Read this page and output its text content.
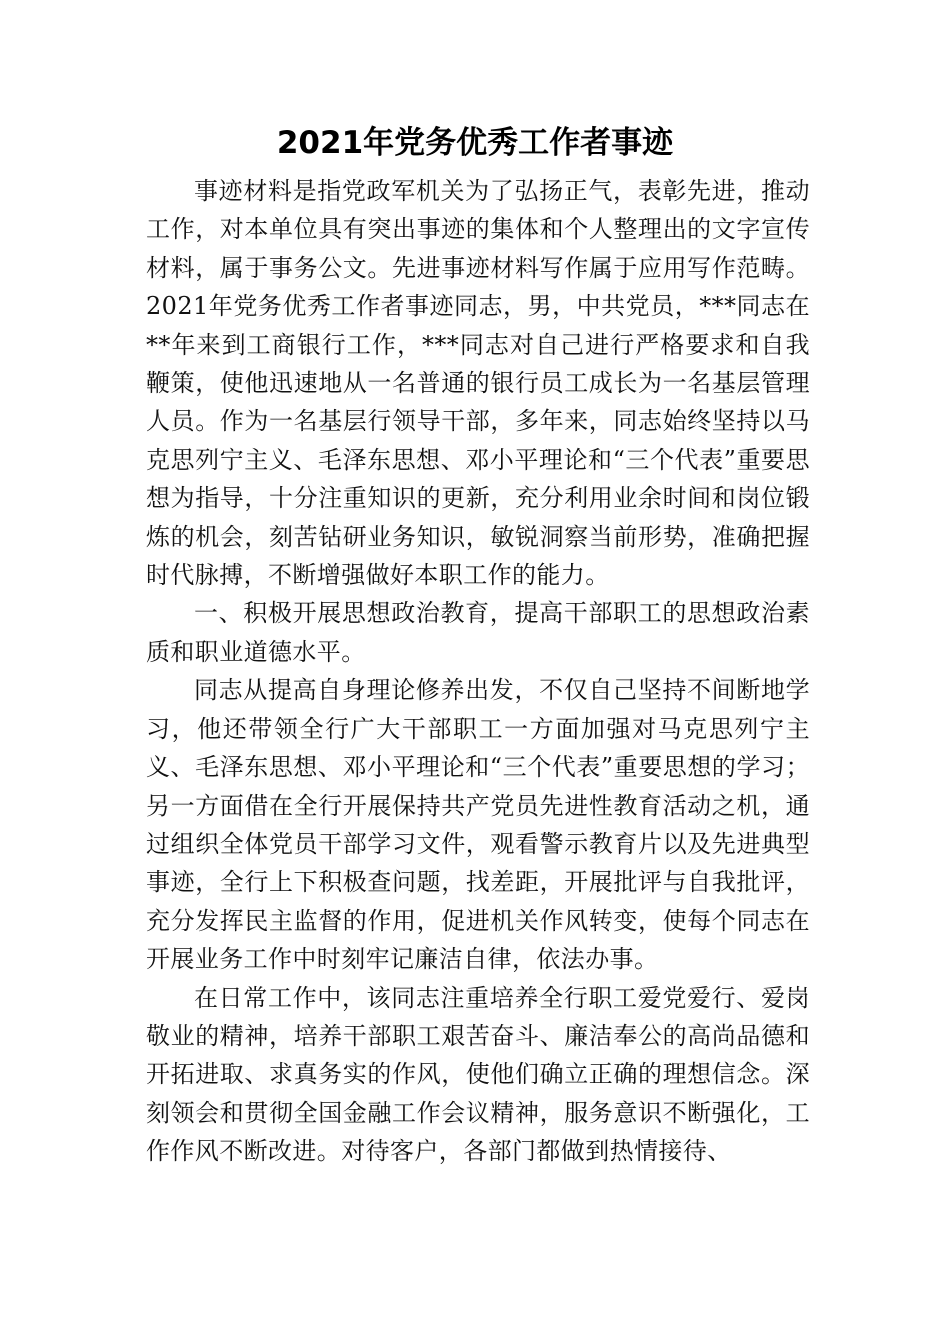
2021年党务优秀工作者事迹

事迹材料是指党政军机关为了弘扬正气，表彰先进，推动工作，对本单位具有突出事迹的集体和个人整理出的文字宣传材料，属于事务公文。先进事迹材料写作属于应用写作范畴。2021年党务优秀工作者事迹同志，男，中共党员，***同志在**年来到工商银行工作，***同志对自己进行严格要求和自我鞭策，使他迅速地从一名普通的银行员工成长为一名基层管理人员。作为一名基层行领导干部，多年来，同志始终坚持以马克思列宁主义、毛泽东思想、邓小平理论和“三个代表”重要思想为指导，十分注重知识的更新，充分利用业余时间和岗位锻炼的机会，刻苦钻研业务知识，敏锐洞察当前形势，准确把握时代脉搏，不断增强做好本职工作的能力。

一、积极开展思想政治教育，提高干部职工的思想政治素质和职业道德水平。

同志从提高自身理论修养出发，不仅自己坚持不间断地学习，他还带领全行广大干部职工一方面加强对马克思列宁主义、毛泽东思想、邓小平理论和“三个代表”重要思想的学习；另一方面借在全行开展保持共产党员先进性教育活动之机，通过组织全体党员干部学习文件，观看警示教育片以及先进典型事迹，全行上下积极查问题，找差距，开展批评与自我批评，充分发挥民主监督的作用，促进机关作风转变，使每个同志在开展业务工作中时刻牢记廉洁自律，依法办事。

在日常工作中，该同志注重培养全行职工爱党爱行、爱岗敬业的精神，培养干部职工艰苦奋斗、廉洁奉公的高尚品德和开拓进取、求真务实的作风，使他们确立正确的理想信念。深刻领会和贯彻全国金融工作会议精神，服务意识不断强化，工作作风不断改进。对待客户，各部门都做到热情接待、
